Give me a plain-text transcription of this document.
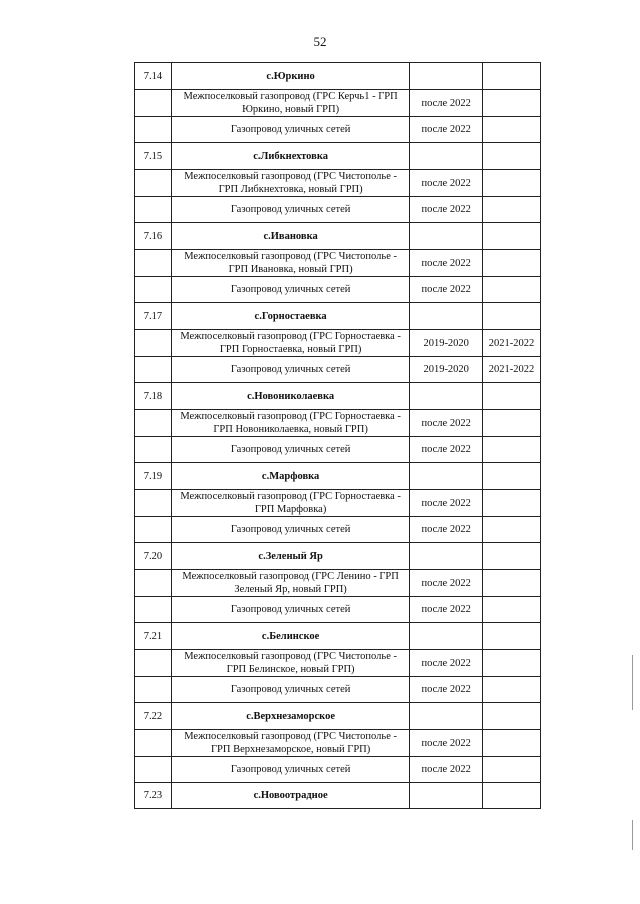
52
7.14	с.Юркино		
	Межпоселковый газопровод (ГРС Керчь1 - ГРП Юркино, новый ГРП)	после 2022	
	Газопровод уличных сетей	после 2022	
7.15	с.Либкнехтовка		
	Межпоселковый газопровод (ГРС Чистополье - ГРП Либкнехтовка, новый ГРП)	после 2022	
	Газопровод уличных сетей	после 2022	
7.16	с.Ивановка		
	Межпоселковый газопровод (ГРС Чистополье - ГРП Ивановка, новый ГРП)	после 2022	
	Газопровод уличных сетей	после 2022	
7.17	с.Горностаевка		
	Межпоселковый газопровод (ГРС Горностаевка - ГРП Горностаевка, новый ГРП)	2019-2020	2021-2022
	Газопровод уличных сетей	2019-2020	2021-2022
7.18	с.Новониколаевка		
	Межпоселковый газопровод (ГРС Горностаевка - ГРП Новониколаевка, новый ГРП)	после 2022	
	Газопровод уличных сетей	после 2022	
7.19	с.Марфовка		
	Межпоселковый газопровод (ГРС Горностаевка - ГРП Марфовка)	после 2022	
	Газопровод уличных сетей	после 2022	
7.20	с.Зеленый Яр		
	Межпоселковый газопровод (ГРС Ленино - ГРП Зеленый Яр, новый ГРП)	после 2022	
	Газопровод уличных сетей	после 2022	
7.21	с.Белинское		
	Межпоселковый газопровод (ГРС Чистополье - ГРП Белинское, новый ГРП)	после 2022	
	Газопровод уличных сетей	после 2022	
7.22	с.Верхнезаморское		
	Межпоселковый газопровод (ГРС Чистополье - ГРП Верхнезаморское, новый ГРП)	после 2022	
	Газопровод уличных сетей	после 2022	
7.23	с.Новоотрадное		
